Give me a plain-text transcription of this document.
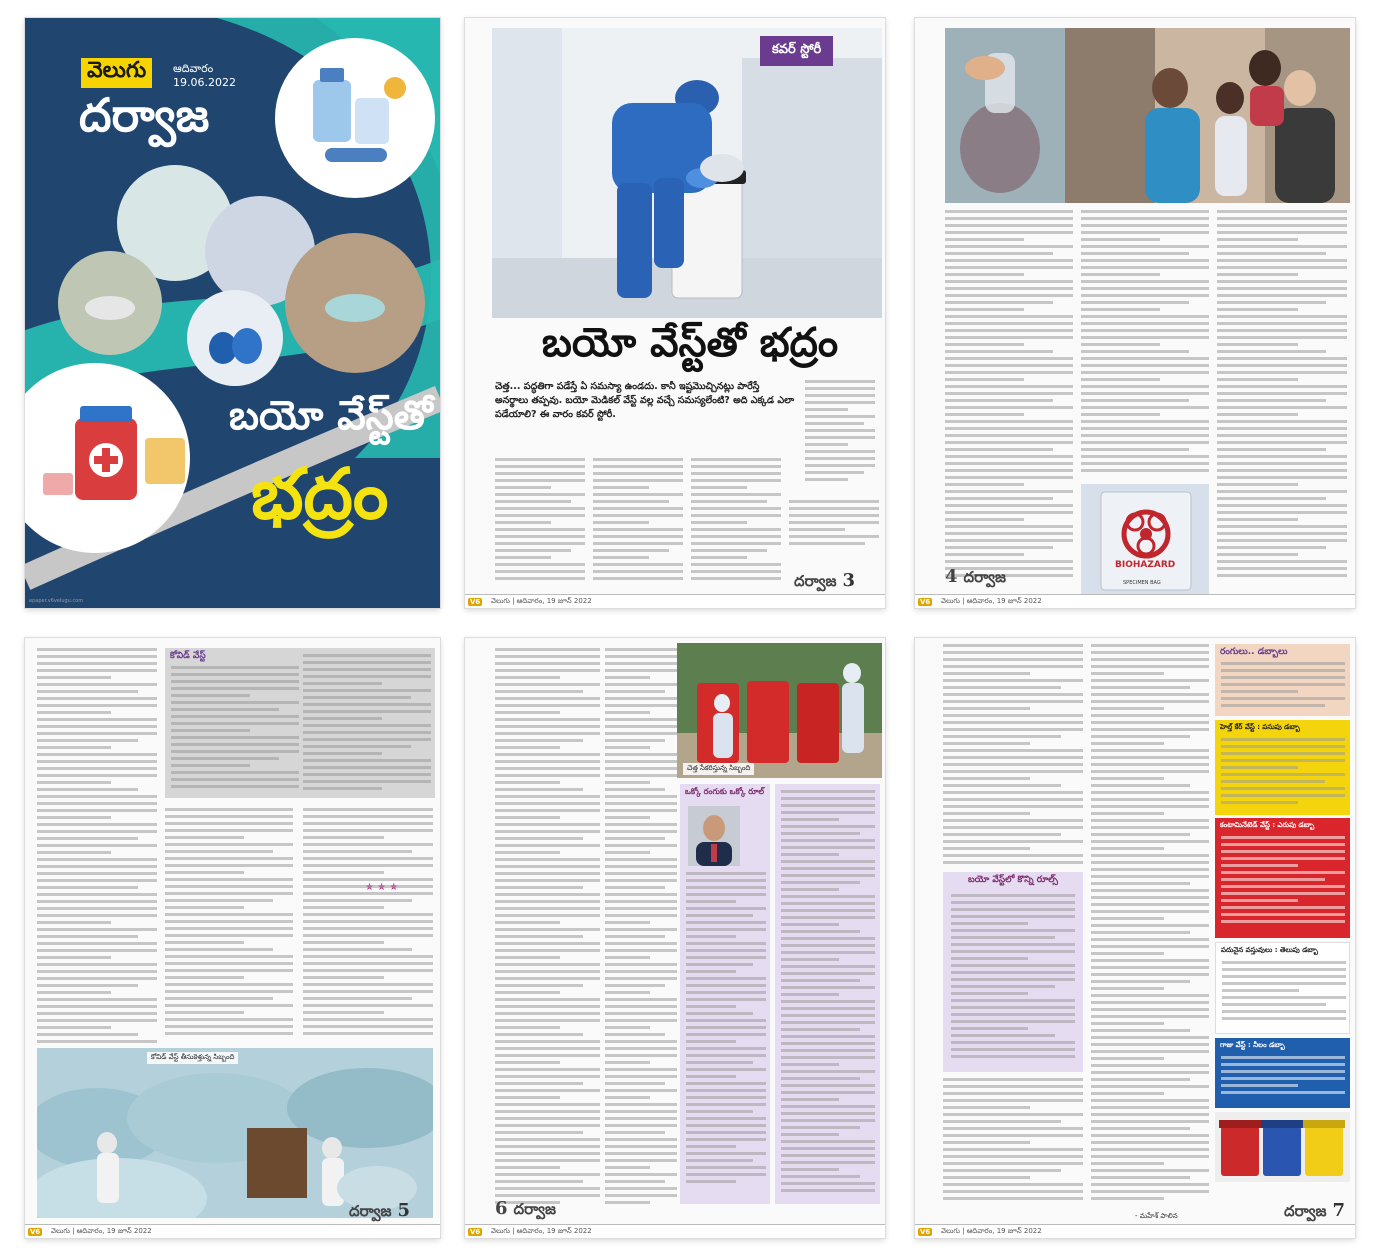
వెలుగు	ఆదివారం
19.06.2022
దర్వాజ
బయో వేస్ట్‌తో
భద్రం
epaper.v6velugu.com
కవర్ స్టోరీ
బయో వేస్ట్‌తో భద్రం
చెత్త... పద్ధతిగా పడేస్తే ఏ సమస్యా ఉండదు. కానీ ఇష్టమొచ్చినట్లు పారేస్తే అనర్థాలు తప్పవు. బయో మెడికల్ వేస్ట్ వల్ల వచ్చే సమస్యలేంటి? అది ఎక్కడ ఎలా పడేయాలి? ఈ వారం కవర్ స్టోరీ.
దర్వాజ 3
వెలుగు | ఆదివారం, 19 జూన్ 2022
V6
BIOHAZARD
SPECIMEN BAG
4 దర్వాజ
వెలుగు | ఆదివారం, 19 జూన్ 2022
V6
కోవిడ్ వేస్ట్
కోవిడ్ వేస్ట్ తీసుకెళ్తున్న సిబ్బంది
దర్వాజ 5
వెలుగు | ఆదివారం, 19 జూన్ 2022
V6
చెత్త సేకరిస్తున్న సిబ్బంది
ఒక్కో రంగుకు ఒక్కో రూల్
6 దర్వాజ
వెలుగు | ఆదివారం, 19 జూన్ 2022
V6
బయో వేస్ట్‌లో కొన్ని రూల్స్
- మహేశ్ పాలిన
రంగులు.. డబ్బాలు
హెల్త్ కేర్ వేస్ట్ : పసుపు డబ్బా
కంటామినేటెడ్ వేస్ట్ : ఎరుపు డబ్బా
పదునైన వస్తువులు : తెలుపు డబ్బా
గాజు వేస్ట్ : నీలం డబ్బా
దర్వాజ 7
వెలుగు | ఆదివారం, 19 జూన్ 2022
V6
